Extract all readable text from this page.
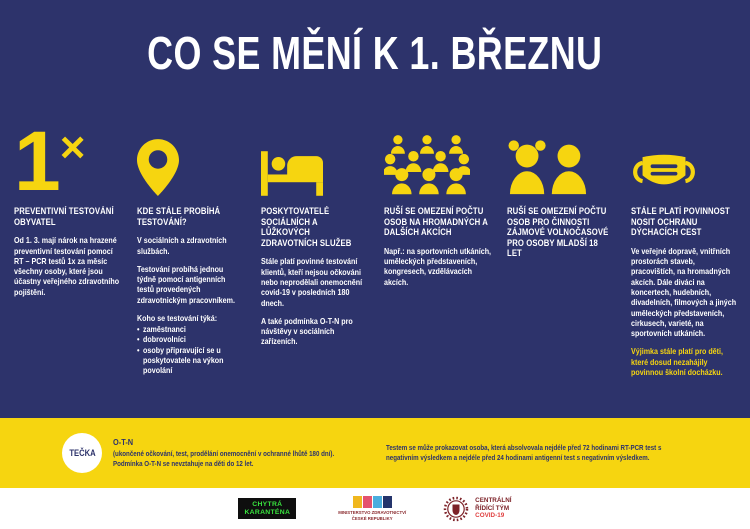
CO SE MĚNÍ K 1. BŘEZNU
1 ×
PREVENTIVNÍ TESTOVÁNÍ OBYVATEL

Od 1. 3. mají nárok na hrazené preventivní testování pomocí RT – PCR testů 1x za měsíc všechny osoby, které jsou účastny veřejného zdravotního pojištění.

KDE STÁLE PROBÍHÁ TESTOVÁNÍ?

V sociálních a zdravotních službách.

Testování probíhá jednou týdně pomocí antigenních testů provedených zdravotnickým pracovníkem.

Koho se testování týká:

• zaměstnanci
• dobrovolníci
• osoby připravující se u poskytovatele na výkon povolání
POSKYTOVATELÉ SOCIÁLNÍCH A LŮŽKOVÝCH ZDRAVOTNÍCH SLUŽEB

Stále platí povinné testování klientů, kteří nejsou očkováni nebo neprodělali onemocnění covid-19 v posledních 180 dnech.

A také podmínka O-T-N pro návštěvy v sociálních zařízeních.

RUŠÍ SE OMEZENÍ POČTU OSOB NA HROMADNÝCH A DALŠÍCH AKCÍCH

Např.: na sportovních utkáních, uměleckých představeních, kongresech, vzdělávacích akcích.

RUŠÍ SE OMEZENÍ POČTU OSOB PRO ČINNOSTI ZÁJMOVÉ VOLNOČASOVÉ PRO OSOBY MLADŠÍ 18 LET
STÁLE PLATÍ POVINNOST NOSIT OCHRANU DÝCHACÍCH CEST

Ve veřejné dopravě, vnitřních prostorách staveb, pracovištích, na hromadných akcích. Dále diváci na koncertech, hudebních, divadelních, filmových a jiných uměleckých představeních, cirkusech, varieté, na sportovních utkáních.

Výjimka stále platí pro děti, které dosud nezahájily povinnou školní docházku.

TEČKA
O-T-N

(ukončené očkování, test, prodělání onemocnění v ochranné lhůtě 180 dní). Podmínka O-T-N se nevztahuje na děti do 12 let.

Testem se může prokazovat osoba, která absolvovala nejdéle před 72 hodinami RT-PCR test s negativním výsledkem a nejdéle před 24 hodinami antigenní test s negativním výsledkem.

CHYTRÁ
KARANTÉNA	MINISTERSTVO ZDRAVOTNICTVÍ
ČESKÉ REPUBLIKY
CENTRÁLNÍ
ŘÍDÍCÍ TÝM
COVID-19
